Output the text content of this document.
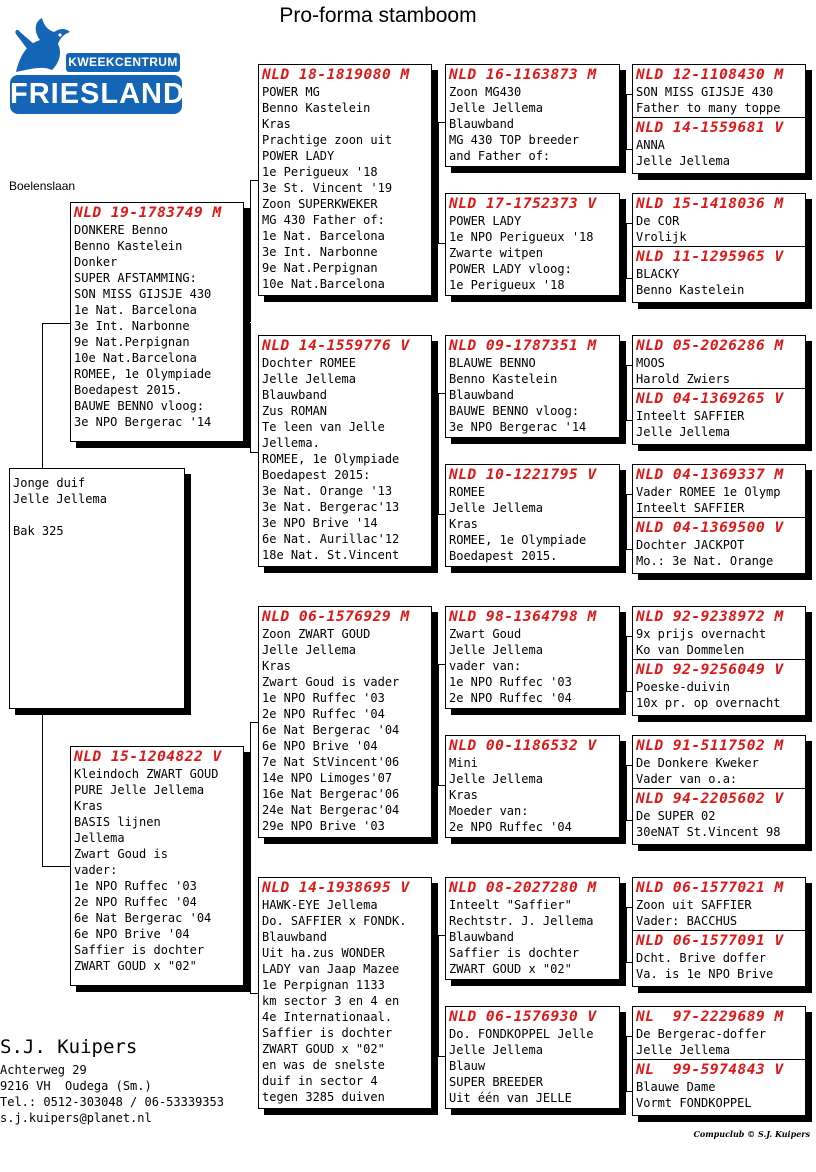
Pro-forma stamboom
KWEEKCENTRUM
FRIESLAND
Boelenslaan
Jonge duif
Jelle Jellema
Bak 325
NLD 19-1783749 M
DONKERE Benno
Benno Kastelein
Donker
SUPER AFSTAMMING:
SON MISS GIJSJE 430
1e Nat. Barcelona
3e Int. Narbonne
9e Nat.Perpignan
10e Nat.Barcelona
ROMEE, 1e Olympiade
Boedapest 2015.
BAUWE BENNO vloog:
3e NPO Bergerac '14
NLD 15-1204822 V
Kleindoch ZWART GOUD
PURE Jelle Jellema
Kras
BASIS lijnen
Jellema
Zwart Goud is
vader:
1e NPO Ruffec '03
2e NPO Ruffec '04
6e Nat Bergerac '04
6e NPO Brive '04
Saffier is dochter
ZWART GOUD x "02"
NLD 18-1819080 M
POWER MG
Benno Kastelein
Kras
Prachtige zoon uit
POWER LADY
1e Perigueux '18
3e St. Vincent '19
Zoon SUPERKWEKER
MG 430 Father of:
1e Nat. Barcelona
3e Int. Narbonne
9e Nat.Perpignan
10e Nat.Barcelona
NLD 14-1559776 V
Dochter ROMEE
Jelle Jellema
Blauwband
Zus ROMAN
Te leen van Jelle
Jellema.
ROMEE, 1e Olympiade
Boedapest 2015:
3e Nat. Orange '13
3e Nat. Bergerac'13
3e NPO Brive '14
6e Nat. Aurillac'12
18e Nat. St.Vincent
NLD 06-1576929 M
Zoon ZWART GOUD
Jelle Jellema
Kras
Zwart Goud is vader
1e NPO Ruffec '03
2e NPO Ruffec '04
6e Nat Bergerac '04
6e NPO Brive '04
7e Nat StVincent'06
14e NPO Limoges'07
16e Nat Bergerac'06
24e Nat Bergerac'04
29e NPO Brive '03
NLD 14-1938695 V
HAWK-EYE Jellema
Do. SAFFIER x FONDK.
Blauwband
Uit ha.zus WONDER
LADY van Jaap Mazee
1e Perpignan 1133
km sector 3 en 4 en
4e Internationaal.
Saffier is dochter
ZWART GOUD x "02"
en was de snelste
duif in sector 4
tegen 3285 duiven
NLD 16-1163873 M
Zoon MG430
Jelle Jellema
Blauwband
MG 430 TOP breeder
and Father of:
NLD 17-1752373 V
POWER LADY
1e NPO Perigueux '18
Zwarte witpen
POWER LADY vloog:
1e Perigueux '18
NLD 09-1787351 M
BLAUWE BENNO
Benno Kastelein
Blauwband
BAUWE BENNO vloog:
3e NPO Bergerac '14
NLD 10-1221795 V
ROMEE
Jelle Jellema
Kras
ROMEE, 1e Olympiade
Boedapest 2015.
NLD 98-1364798 M
Zwart Goud
Jelle Jellema
vader van:
1e NPO Ruffec '03
2e NPO Ruffec '04
NLD 00-1186532 V
Mini
Jelle Jellema
Kras
Moeder van:
2e NPO Ruffec '04
NLD 08-2027280 M
Inteelt "Saffier"
Rechtstr. J. Jellema
Blauwband
Saffier is dochter
ZWART GOUD x "02"
NLD 06-1576930 V
Do. FONDKOPPEL Jelle
Jelle Jellema
Blauw
SUPER BREEDER
Uit één van JELLE
NLD 12-1108430 M
SON MISS GIJSJE 430
Father to many toppe
NLD 14-1559681 V
ANNA
Jelle Jellema
NLD 15-1418036 M
De COR
Vrolijk
NLD 11-1295965 V
BLACKY
Benno Kastelein
NLD 05-2026286 M
MOOS
Harold Zwiers
NLD 04-1369265 V
Inteelt SAFFIER
Jelle Jellema
NLD 04-1369337 M
Vader ROMEE 1e Olymp
Inteelt SAFFIER
NLD 04-1369500 V
Dochter JACKPOT
Mo.: 3e Nat. Orange
NLD 92-9238972 M
9x prijs overnacht
Ko van Dommelen
NLD 92-9256049 V
Poeske-duivin
10x pr. op overnacht
NLD 91-5117502 M
De Donkere Kweker
Vader van o.a:
NLD 94-2205602 V
De SUPER 02
30eNAT St.Vincent 98
NLD 06-1577021 M
Zoon uit SAFFIER
Vader: BACCHUS
NLD 06-1577091 V
Dcht. Brive doffer
Va. is 1e NPO Brive
NL  97-2229689 M
De Bergerac-doffer
Jelle Jellema
NL  99-5974843 V
Blauwe Dame
Vormt FONDKOPPEL
S.J. Kuipers
Achterweg 29
9216 VH  Oudega (Sm.)
Tel.: 0512-303048 / 06-53339353
s.j.kuipers@planet.nl
Compuclub © S.J. Kuipers
